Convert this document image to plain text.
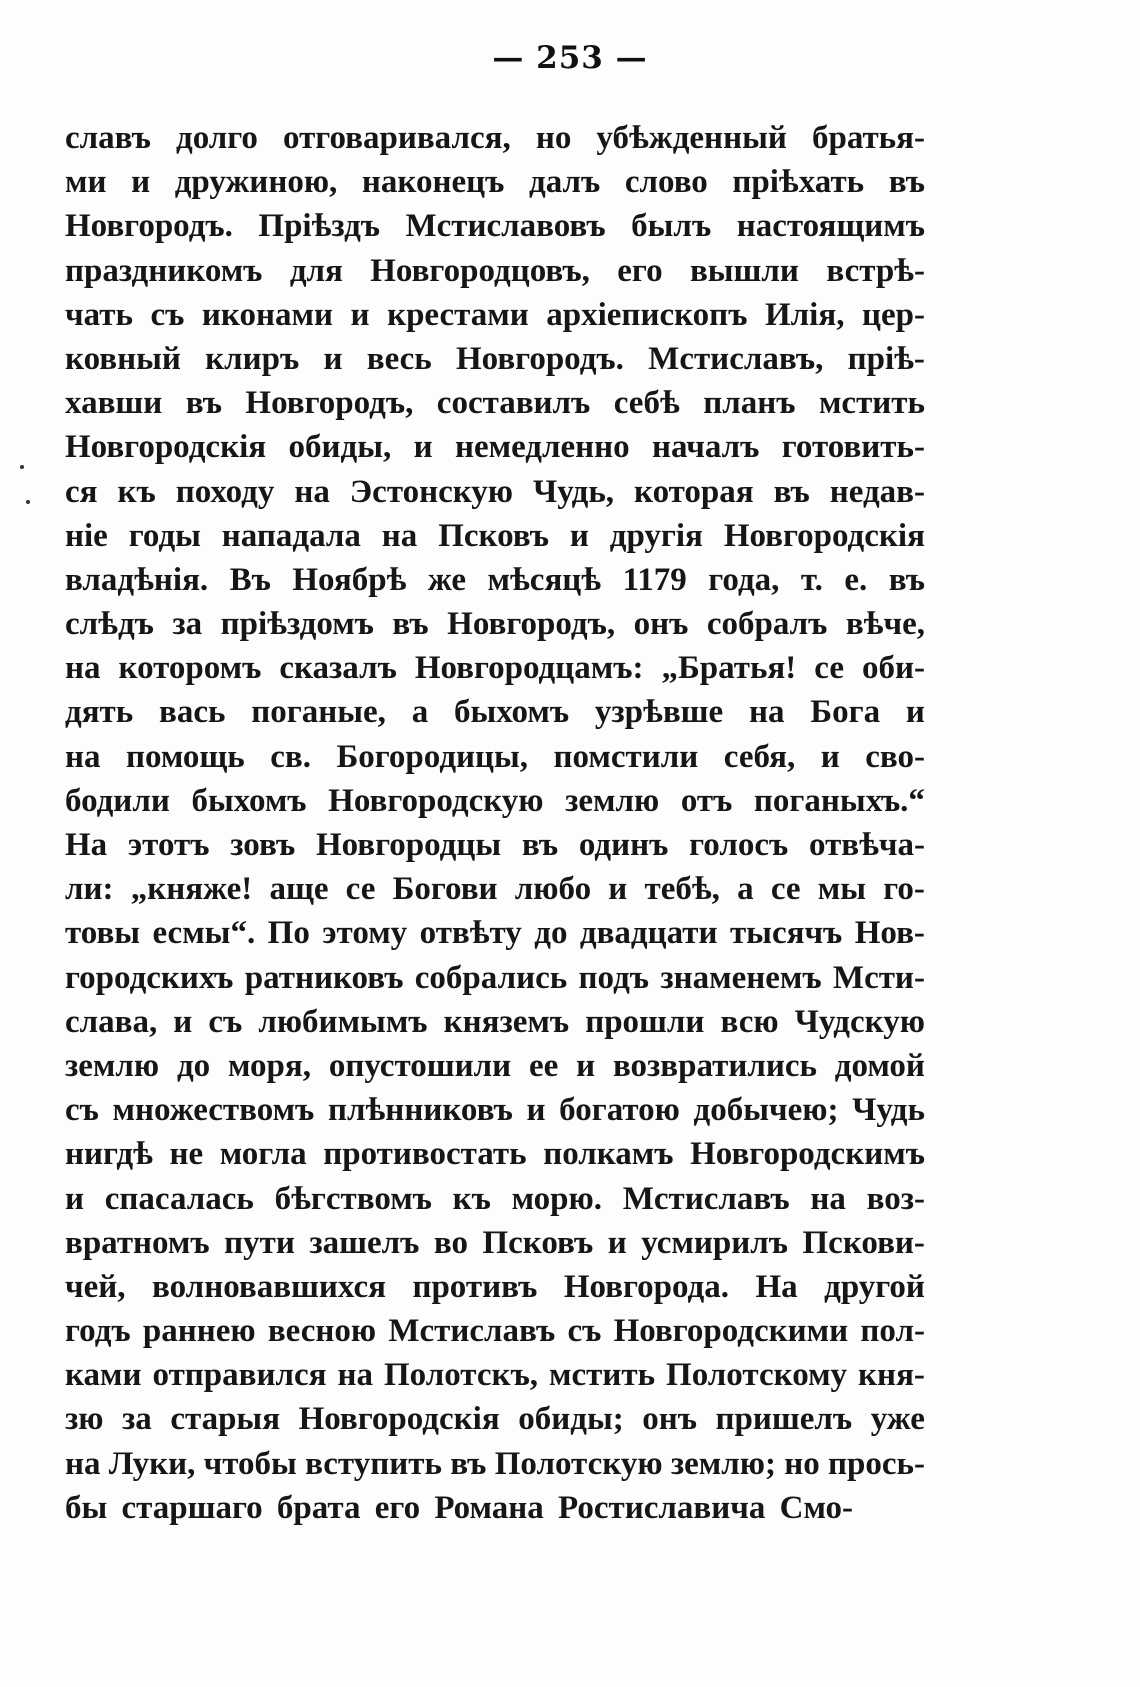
— 253 —
славъ долго отговаривался, но убѣжденный братья-
ми и дружиною, наконецъ далъ слово пріѣхать въ
Новгородъ. Пріѣздъ Мстиславовъ былъ настоящимъ
праздникомъ для Новгородцовъ, его вышли встрѣ-
чать съ иконами и крестами архіепископъ Илія, цер-
ковный клиръ и весь Новгородъ. Мстиславъ, пріѣ-
хавши въ Новгородъ, составилъ себѣ планъ мстить
Новгородскія обиды, и немедленно началъ готовить-
ся къ походу на Эстонскую Чудь, которая въ недав-
ніе годы нападала на Псковъ и другія Новгородскія
владѣнія. Въ Ноябрѣ же мѣсяцѣ 1179 года, т. е. въ
слѣдъ за пріѣздомъ въ Новгородъ, онъ собралъ вѣче,
на которомъ сказалъ Новгородцамъ: „Братья! се оби-
дять вась поганые, а быхомъ узрѣвше на Бога и
на помощь св. Богородицы, помстили себя, и сво-
бодили быхомъ Новгородскую землю отъ поганыхъ.“
На этотъ зовъ Новгородцы въ одинъ голосъ отвѣча-
ли: „княже! аще се Богови любо и тебѣ, а се мы го-
товы есмы“. По этому отвѣту до двадцати тысячъ Нов-
городскихъ ратниковъ собрались подъ знаменемъ Мсти-
слава, и съ любимымъ княземъ прошли всю Чудскую
землю до моря, опустошили ее и возвратились домой
съ множествомъ плѣнниковъ и богатою добычею; Чудь
нигдѣ не могла противостать полкамъ Новгородскимъ
и спасалась бѣгствомъ къ морю. Мстиславъ на воз-
вратномъ пути зашелъ во Псковъ и усмирилъ Пскови-
чей, волновавшихся противъ Новгорода. На другой
годъ раннею весною Мстиславъ съ Новгородскими пол-
ками отправился на Полотскъ, мстить Полотскому кня-
зю за старыя Новгородскія обиды; онъ пришелъ уже
на Луки, чтобы вступить въ Полотскую землю; но прось-
бы старшаго брата его Романа Ростиславича Смо-
